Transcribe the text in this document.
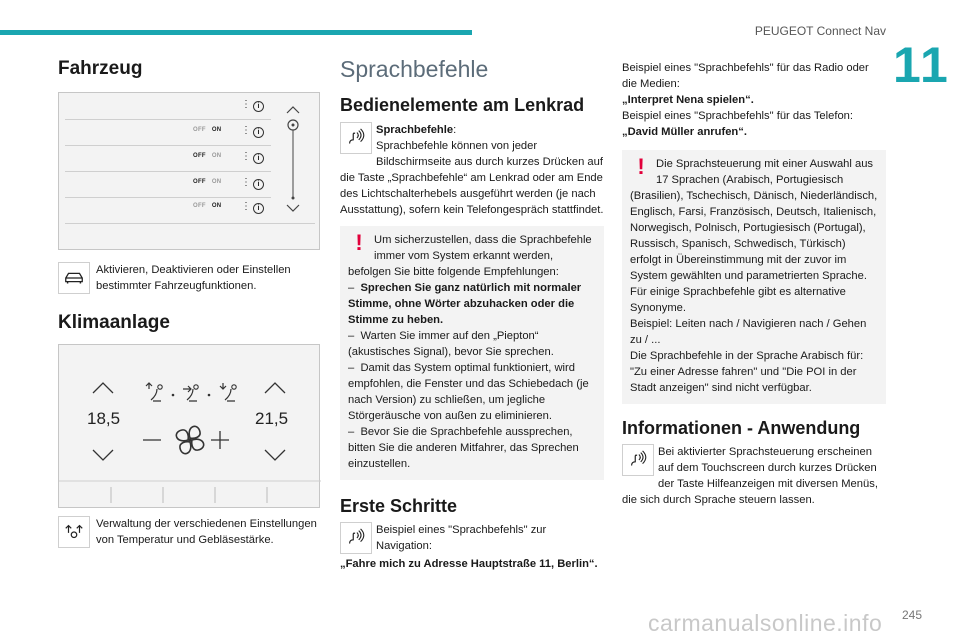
PEUGEOT Connect Nav
11
Fahrzeug
⋮ i
OFF ON ⋮ i
OFF ON ⋮ i
OFF ON ⋮ i
OFF ON ⋮ i

Aktivieren, Deaktivieren oder Einstellen bestimmter Fahrzeugfunktionen.

Klimaanlage
18,5	21,5

Verwaltung der verschiedenen Einstellungen von Temperatur und Gebläsestärke.

Sprachbefehle
Bedienelemente am Lenkrad

Sprachbefehle:
Sprachbefehle können von jeder Bildschirmseite aus durch kurzes Drücken auf die Taste „Sprachbefehle“ am Lenkrad oder am Ende des Lichtschalterhebels ausgeführt werden (je nach Ausstattung), sofern kein Telefongespräch stattfindet.

!	Um sicherzustellen, dass die Sprachbefehle immer vom System erkannt werden, befolgen Sie bitte folgende Empfehlungen:

–  Sprechen Sie ganz natürlich mit normaler Stimme, ohne Wörter abzuhacken oder die Stimme zu heben.

–  Warten Sie immer auf den „Piepton“ (akustisches Signal), bevor Sie sprechen.

–  Damit das System optimal funktioniert, wird empfohlen, die Fenster und das Schiebedach (je nach Version) zu schließen, um jegliche Störgeräusche von außen zu eliminieren.

–  Bevor Sie die Sprachbefehle aussprechen, bitten Sie die anderen Mitfahrer, das Sprechen einzustellen.

Erste Schritte

Beispiel eines "Sprachbefehls" zur Navigation:

„Fahre mich zu Adresse Hauptstraße 11, Berlin“.

Beispiel eines "Sprachbefehls" für das Radio oder die Medien:

„Interpret Nena spielen“.

Beispiel eines "Sprachbefehls" für das Telefon:

„David Müller anrufen“.

!	Die Sprachsteuerung mit einer Auswahl aus 17 Sprachen (Arabisch, Portugiesisch (Brasilien), Tschechisch, Dänisch, Niederländisch, Englisch, Farsi, Französisch, Deutsch, Italienisch, Norwegisch, Polnisch, Portugiesisch (Portugal), Russisch, Spanisch, Schwedisch, Türkisch) erfolgt in Übereinstimmung mit der zuvor im System gewählten und parametrierten Sprache.

Für einige Sprachbefehle gibt es alternative Synonyme.

Beispiel: Leiten nach / Navigieren nach / Gehen zu / ...

Die Sprachbefehle in der Sprache Arabisch für: "Zu einer Adresse fahren" und "Die POI in der Stadt anzeigen" sind nicht verfügbar.

Informationen - Anwendung

Bei aktivierter Sprachsteuerung erscheinen auf dem Touchscreen durch kurzes Drücken der Taste Hilfeanzeigen mit diversen Menüs, die sich durch Sprache steuern lassen.

carmanualsonline.info 245
